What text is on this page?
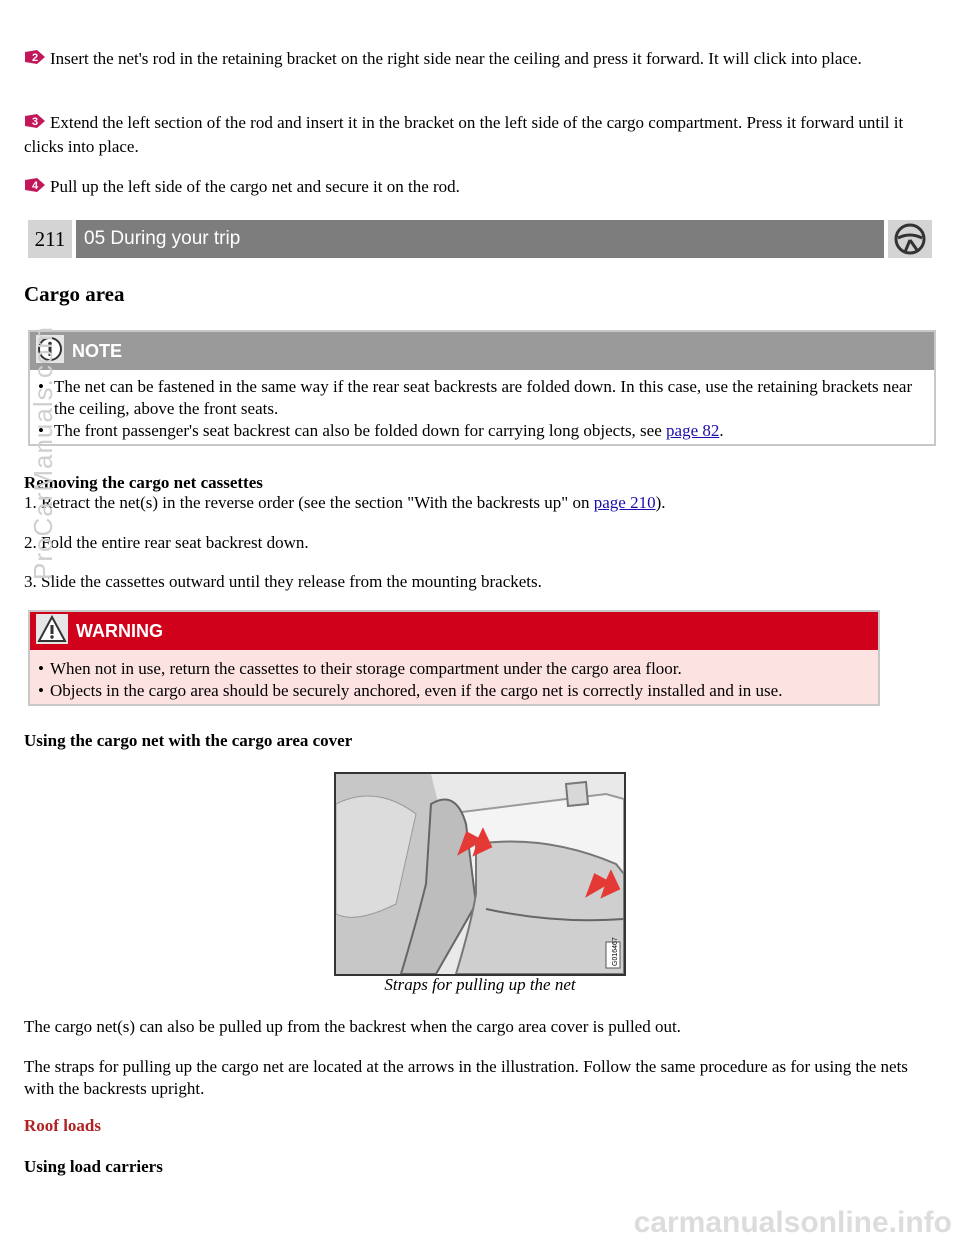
2 Insert the net's rod in the retaining bracket on the right side near the ceiling and press it forward. It will click into place.
3 Extend the left section of the rod and insert it in the bracket on the left side of the cargo compartment. Press it forward until it clicks into place.
4 Pull up the left side of the cargo net and secure it on the rod.
211 05 During your trip
Cargo area
NOTE
• The net can be fastened in the same way if the rear seat backrests are folded down. In this case, use the retaining brackets near the ceiling, above the front seats.
• The front passenger's seat backrest can also be folded down for carrying long objects, see page 82.
Removing the cargo net cassettes
1. Retract the net(s) in the reverse order (see the section "With the backrests up" on page 210).
2. Fold the entire rear seat backrest down.
3. Slide the cassettes outward until they release from the mounting brackets.
WARNING
• When not in use, return the cassettes to their storage compartment under the cargo area floor.
• Objects in the cargo area should be securely anchored, even if the cargo net is correctly installed and in use.
Using the cargo net with the cargo area cover
G016467
Straps for pulling up the net
The cargo net(s) can also be pulled up from the backrest when the cargo area cover is pulled out.
The straps for pulling up the cargo net are located at the arrows in the illustration. Follow the same procedure as for using the nets with the backrests upright.
Roof loads
Using load carriers
ProCarManuals.com
carmanualsonline.info
